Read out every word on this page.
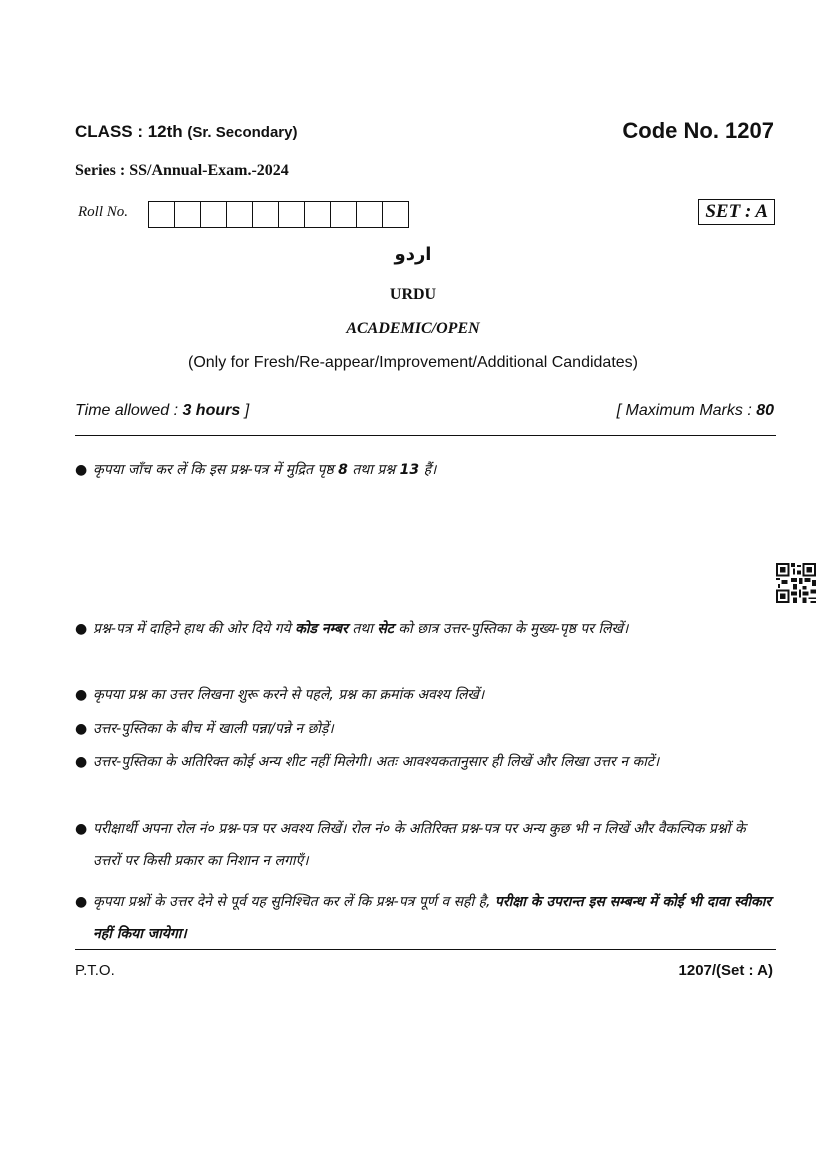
CLASS : 12th (Sr. Secondary)	Code No. 1207
Series : SS/Annual-Exam.-2024
Roll No.	SET : A
اردو
URDU
ACADEMIC/OPEN
(Only for Fresh/Re-appear/Improvement/Additional Candidates)
Time allowed : 3 hours ]	[ Maximum Marks : 80
● कृपया जाँच कर लें कि इस प्रश्न-पत्र में मुद्रित पृष्ठ 8 तथा प्रश्न 13 हैं।
● प्रश्न-पत्र में दाहिने हाथ की ओर दिये गये कोड नम्बर तथा सेट को छात्र उत्तर-पुस्तिका के मुख्य-पृष्ठ पर लिखें।
● कृपया प्रश्न का उत्तर लिखना शुरू करने से पहले, प्रश्न का क्रमांक अवश्य लिखें।
● उत्तर-पुस्तिका के बीच में खाली पन्ना/पन्ने न छोड़ें।
● उत्तर-पुस्तिका के अतिरिक्त कोई अन्य शीट नहीं मिलेगी। अतः आवश्यकतानुसार ही लिखें और लिखा उत्तर न काटें।
● परीक्षार्थी अपना रोल नं० प्रश्न-पत्र पर अवश्य लिखें। रोल नं० के अतिरिक्त प्रश्न-पत्र पर अन्य कुछ भी न लिखें और वैकल्पिक प्रश्नों के उत्तरों पर किसी प्रकार का निशान न लगाएँ।
● कृपया प्रश्नों के उत्तर देने से पूर्व यह सुनिश्चित कर लें कि प्रश्न-पत्र पूर्ण व सही है, परीक्षा के उपरान्त इस सम्बन्ध में कोई भी दावा स्वीकार नहीं किया जायेगा।
P.T.O.	1207/(Set : A)
